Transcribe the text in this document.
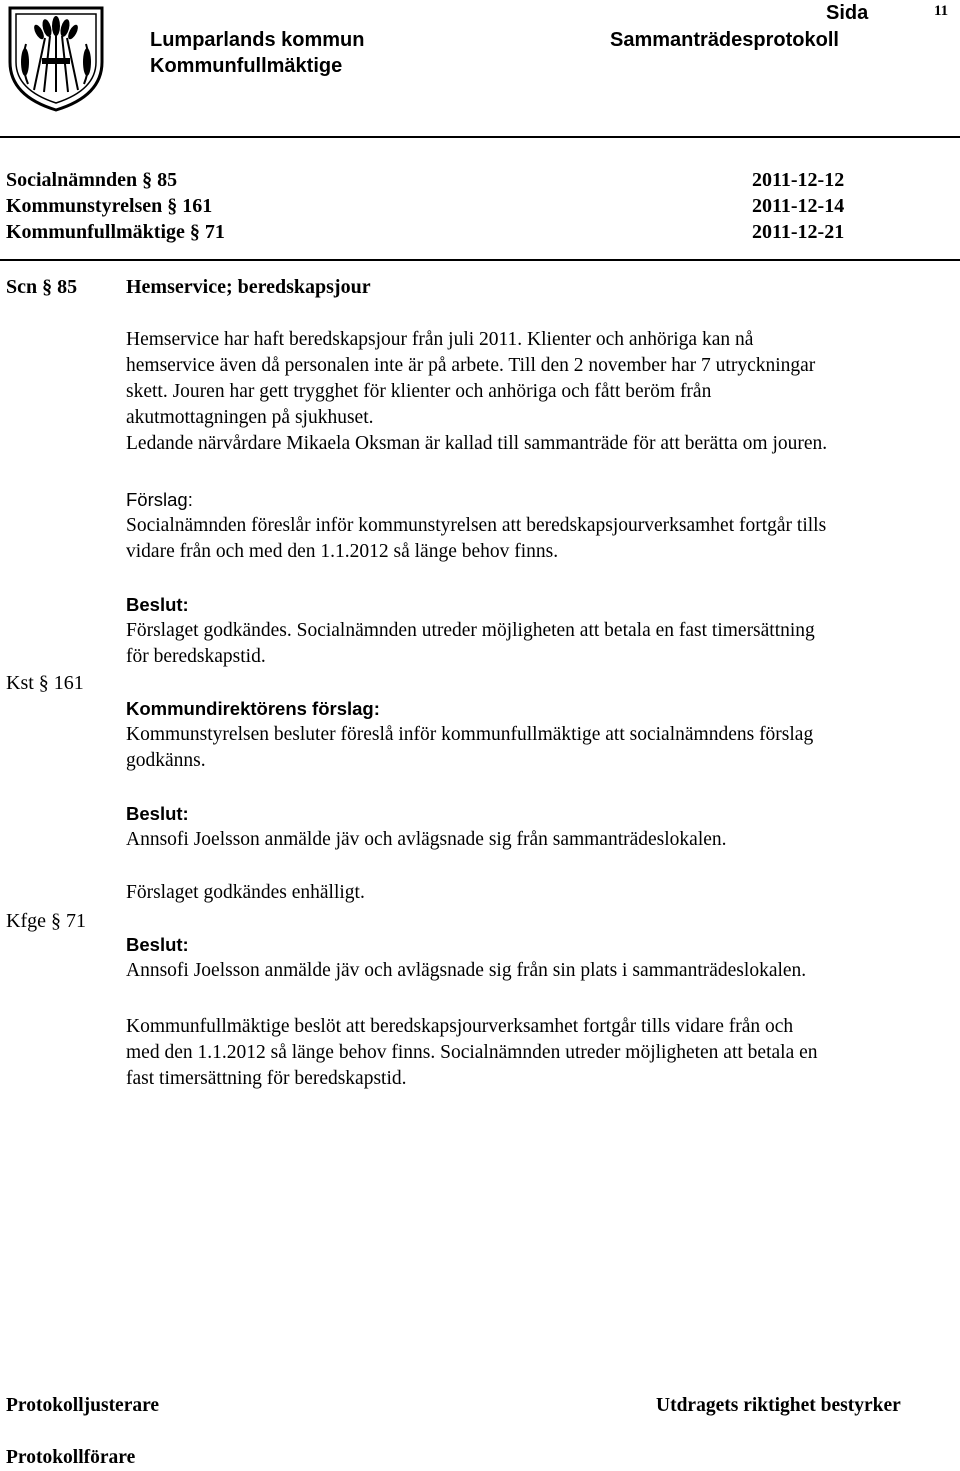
Lumparlands kommun
Kommunfullmäktige
Sammanträdesprotokoll
Sida	11
Socialnämnden § 85	2011-12-12
Kommunstyrelsen § 161	2011-12-14
Kommunfullmäktige § 71	2011-12-21
Scn § 85 Hemservice; beredskapsjour
Hemservice har haft beredskapsjour från juli 2011. Klienter och anhöriga kan nå
hemservice även då personalen inte är på arbete. Till den 2 november har 7 utryckningar
skett. Jouren har gett trygghet för klienter och anhöriga och fått beröm från
akutmottagningen på sjukhuset.
Ledande närvårdare Mikaela Oksman är kallad till sammanträde för att berätta om jouren.
Förslag:
Socialnämnden föreslår inför kommunstyrelsen att beredskapsjourverksamhet fortgår tills
vidare från och med den 1.1.2012 så länge behov finns.
Beslut:
Förslaget godkändes. Socialnämnden utreder möjligheten att betala en fast timersättning
för beredskapstid.
Kst § 161
Kommundirektörens förslag:
Kommunstyrelsen besluter föreslå inför kommunfullmäktige att socialnämndens förslag
godkänns.
Beslut:
Annsofi Joelsson anmälde jäv och avlägsnade sig från sammanträdeslokalen.
Förslaget godkändes enhälligt.
Kfge § 71
Beslut:
Annsofi Joelsson anmälde jäv och avlägsnade sig från sin plats i sammanträdeslokalen.
Kommunfullmäktige beslöt att beredskapsjourverksamhet fortgår tills vidare från och
med den 1.1.2012 så länge behov finns. Socialnämnden utreder möjligheten att betala en
fast timersättning för beredskapstid.
Protokolljusterare	Utdragets riktighet bestyrker
Protokollförare
